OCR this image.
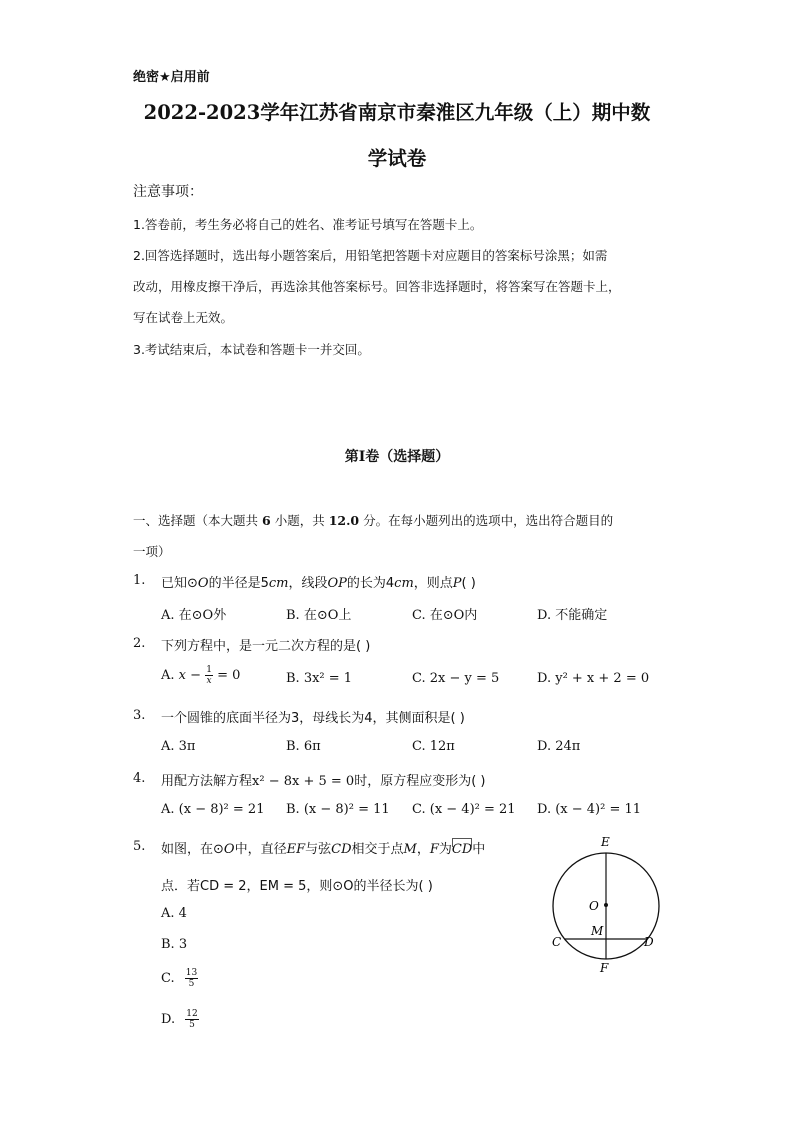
绝密★启用前
2022-2023学年江苏省南京市秦淮区九年级（上）期中数
学试卷
注意事项：
1.答卷前，考生务必将自己的姓名、准考证号填写在答题卡上。
2.回答选择题时，选出每小题答案后，用铅笔把答题卡对应题目的答案标号涂黑；如需
改动，用橡皮擦干净后，再选涂其他答案标号。回答非选择题时，将答案写在答题卡上，
写在试卷上无效。
3.考试结束后，本试卷和答题卡一并交回。
第I卷（选择题）
一、选择题（本大题共 6 小题，共 12.0 分。在每小题列出的选项中，选出符合题目的
一项）
1. 已知⊙O的半径是5cm，线段OP的长为4cm，则点P( )
A. 在⊙O外	B. 在⊙O上	C. 在⊙O内	D. 不能确定
2. 下列方程中，是一元二次方程的是( )
A. $x - \frac{1}{x} = 0$	B. 3x² = 1	C. 2x − y = 5	D. y² + x + 2 = 0
3. 一个圆锥的底面半径为3，母线长为4，其侧面积是( )
A. 3π	B. 6π	C. 12π	D. 24π
4. 用配方法解方程x² − 8x + 5 = 0时，原方程应变形为( )
A. (x − 8)² = 21 B. (x − 8)² = 11 C. (x − 4)² = 21 D. (x − 4)² = 11
5. 如图，在⊙O中，直径EF与弦CD相交于点M，F为CD中
点．若CD = 2，EM = 5，则⊙O的半径长为( )
A. 4
B. 3
C. $\frac{13}{5}$
D. $\frac{12}{5}$
E
O
M
C	D
F
